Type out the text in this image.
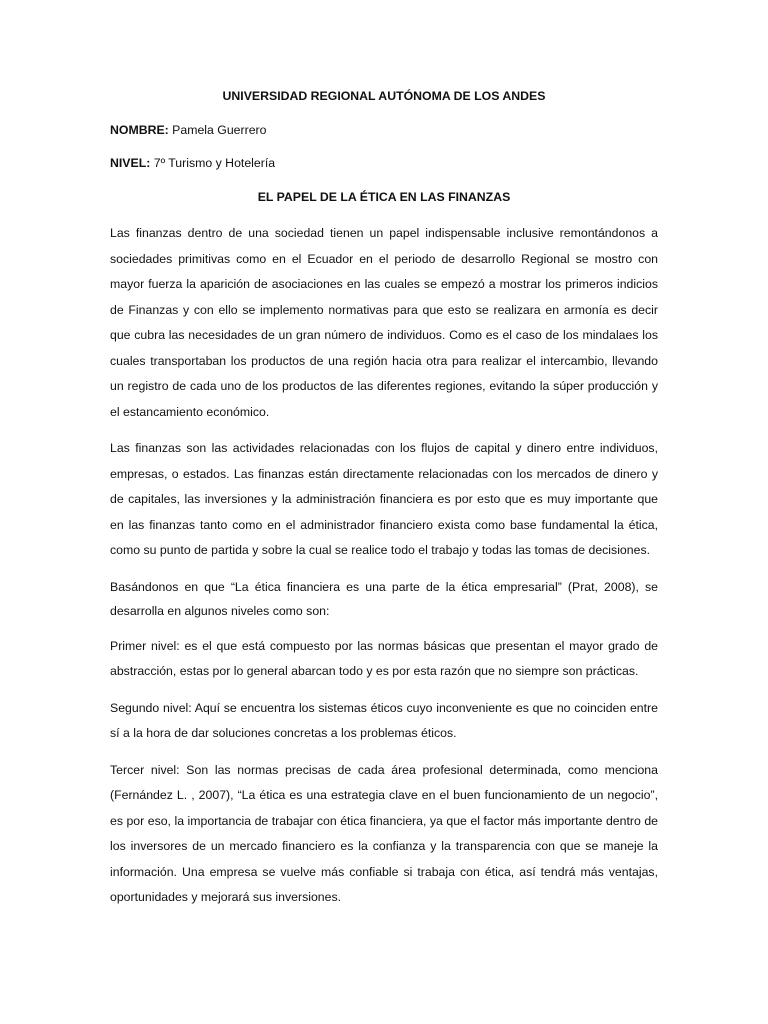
UNIVERSIDAD REGIONAL AUTÓNOMA DE LOS ANDES
NOMBRE: Pamela Guerrero
NIVEL: 7º Turismo y Hotelería
EL PAPEL DE LA ÉTICA EN LAS FINANZAS

Las finanzas dentro de una sociedad tienen un papel indispensable inclusive remontándonos a sociedades primitivas como en el Ecuador en el periodo de desarrollo Regional se mostro con mayor fuerza la aparición de asociaciones en las cuales se empezó a mostrar los primeros indicios de Finanzas y con ello se implemento normativas para que esto se realizara en armonía es decir que cubra las necesidades de un gran número de individuos. Como es el caso de los mindalaes los cuales transportaban los productos de una región hacia otra para realizar el intercambio, llevando un registro de cada uno de los productos de las diferentes regiones, evitando la súper producción y el estancamiento económico.

Las finanzas son las actividades relacionadas con los flujos de capital y dinero entre individuos, empresas, o estados. Las finanzas están directamente relacionadas con los mercados de dinero y de capitales, las inversiones y la administración financiera es por esto que es muy importante que en las finanzas tanto como en el administrador financiero exista como base fundamental la ética, como su punto de partida y sobre la cual se realice todo el trabajo y todas las tomas de decisiones.

Basándonos en que “La ética financiera es una parte de la ética empresarial” (Prat, 2008), se desarrolla en algunos niveles como son:

Primer nivel: es el que está compuesto por las normas básicas que presentan el mayor grado de abstracción, estas por lo general abarcan todo y es por esta razón que no siempre son prácticas.

Segundo nivel: Aquí se encuentra los sistemas éticos cuyo inconveniente es que no coinciden entre sí a la hora de dar soluciones concretas a los problemas éticos.

Tercer nivel: Son las normas precisas de cada área profesional determinada, como menciona (Fernández L. , 2007), “La ética es una estrategia clave en el buen funcionamiento de un negocio”, es por eso, la importancia de trabajar con ética financiera, ya que el factor más importante dentro de los inversores de un mercado financiero es la confianza y la transparencia con que se maneje la información. Una empresa se vuelve más confiable si trabaja con ética, así tendrá más ventajas, oportunidades y mejorará sus inversiones.
